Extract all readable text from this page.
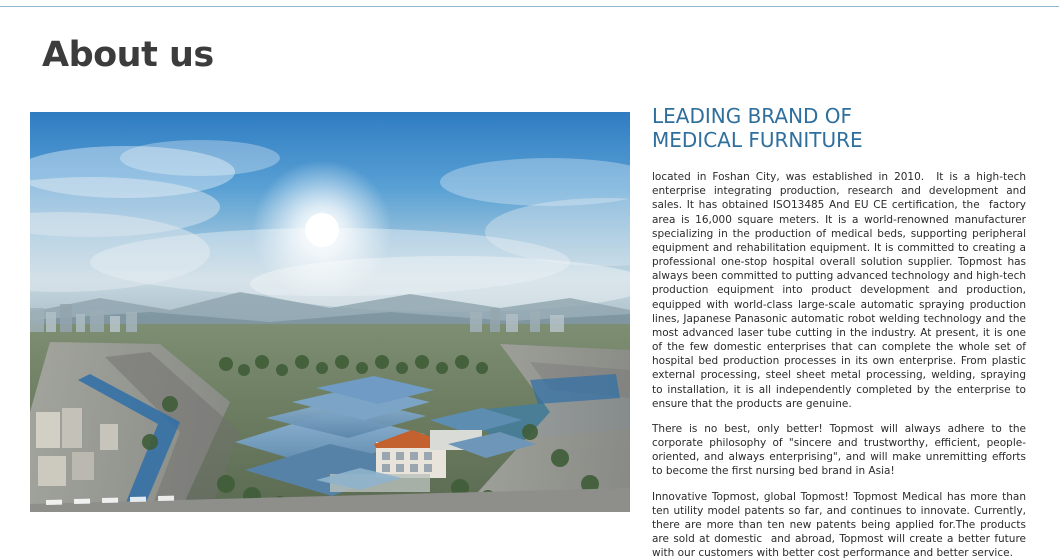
About us
LEADING BRAND OF
MEDICAL FURNITURE

located in Foshan City, was established in 2010.  It is a high-tech enterprise integrating production, research and development and sales. It has obtained ISO13485 And EU CE certification, the  factory area is 16,000 square meters. It is a world-renowned manufacturer specializing in the production of medical beds, supporting peripheral equipment and rehabilitation equipment. It is committed to creating a professional one-stop hospital overall solution supplier. Topmost has always been committed to putting advanced technology and high-tech production equipment into product development and production, equipped with world-class large-scale automatic spraying production lines, Japanese Panasonic automatic robot welding technology and the most advanced laser tube cutting in the industry. At present, it is one of the few domestic enterprises that can complete the whole set of hospital bed production processes in its own enterprise. From plastic external processing, steel sheet metal processing, welding, spraying to installation, it is all independently completed by the enterprise to ensure that the products are genuine.

There is no best, only better! Topmost will always adhere to the corporate philosophy of "sincere and trustworthy, efficient, people-oriented, and always enterprising", and will make unremitting efforts to become the first nursing bed brand in Asia!

Innovative Topmost, global Topmost! Topmost Medical has more than ten utility model patents so far, and continues to innovate. Currently, there are more than ten new patents being applied for.The products are sold at domestic  and abroad, Topmost will create a better future with our customers with better cost performance and better service.
